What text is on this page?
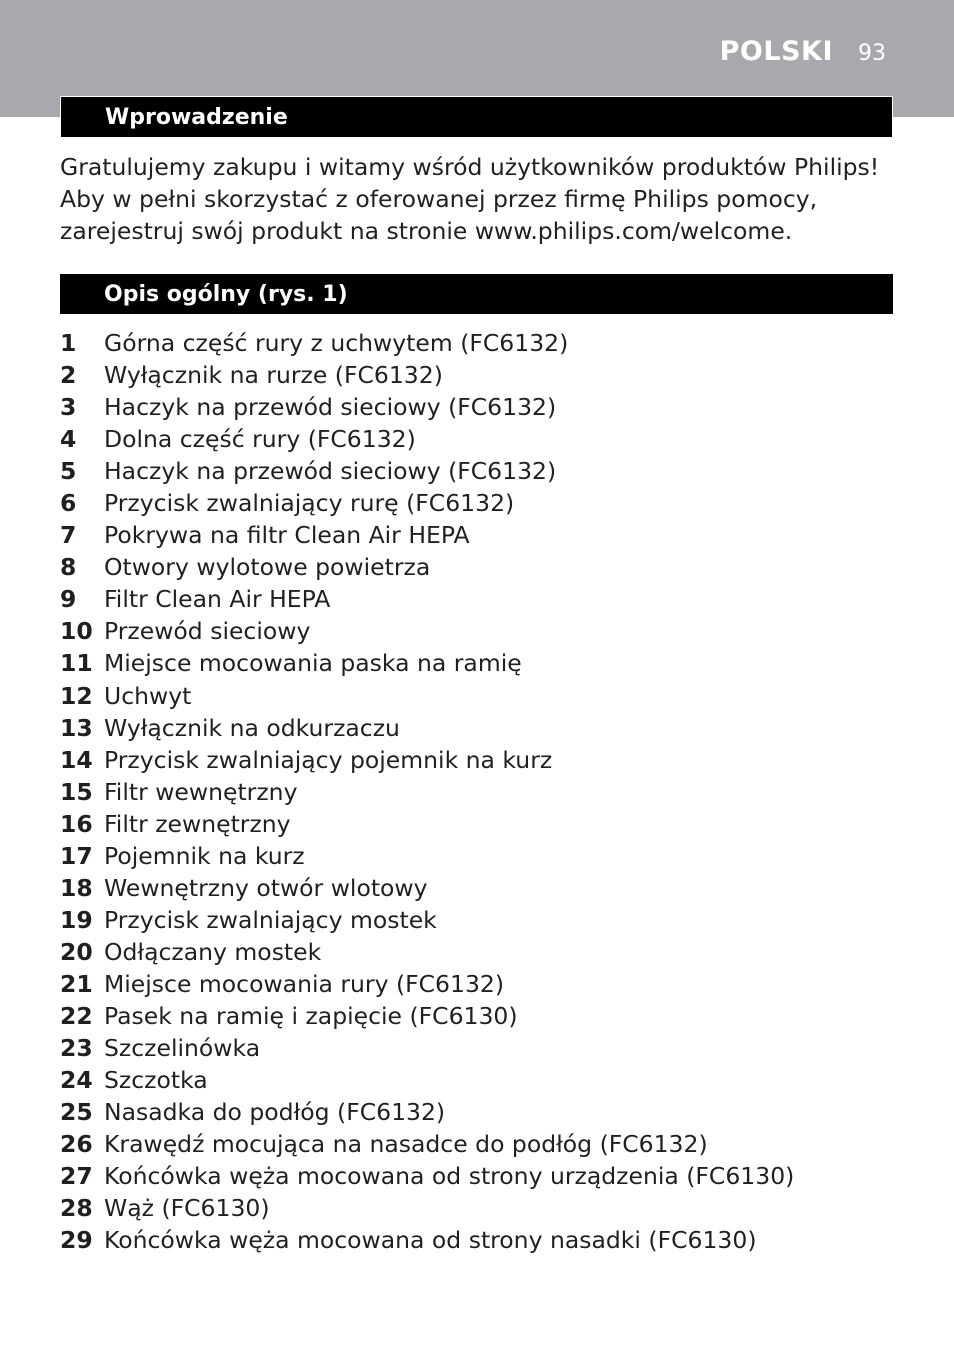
POLSKI 93
Wprowadzenie
Gratulujemy zakupu i witamy wśród użytkowników produktów Philips!
Aby w pełni skorzystać z oferowanej przez firmę Philips pomocy,
zarejestruj swój produkt na stronie www.philips.com/welcome.
Opis ogólny (rys. 1)
1	Górna część rury z uchwytem (FC6132)
2	Wyłącznik na rurze (FC6132)
3	Haczyk na przewód sieciowy (FC6132)
4	Dolna część rury (FC6132)
5	Haczyk na przewód sieciowy (FC6132)
6	Przycisk zwalniający rurę (FC6132)
7	Pokrywa na filtr Clean Air HEPA
8	Otwory wylotowe powietrza
9	Filtr Clean Air HEPA
10 Przewód sieciowy
11 Miejsce mocowania paska na ramię
12 Uchwyt
13 Wyłącznik na odkurzaczu
14 Przycisk zwalniający pojemnik na kurz
15 Filtr wewnętrzny
16 Filtr zewnętrzny
17 Pojemnik na kurz
18 Wewnętrzny otwór wlotowy
19 Przycisk zwalniający mostek
20 Odłączany mostek
21 Miejsce mocowania rury (FC6132)
22 Pasek na ramię i zapięcie (FC6130)
23 Szczelinówka
24 Szczotka
25 Nasadka do podłóg (FC6132)
26 Krawędź mocująca na nasadce do podłóg (FC6132)
27 Końcówka węża mocowana od strony urządzenia (FC6130)
28 Wąż (FC6130)
29 Końcówka węża mocowana od strony nasadki (FC6130)
